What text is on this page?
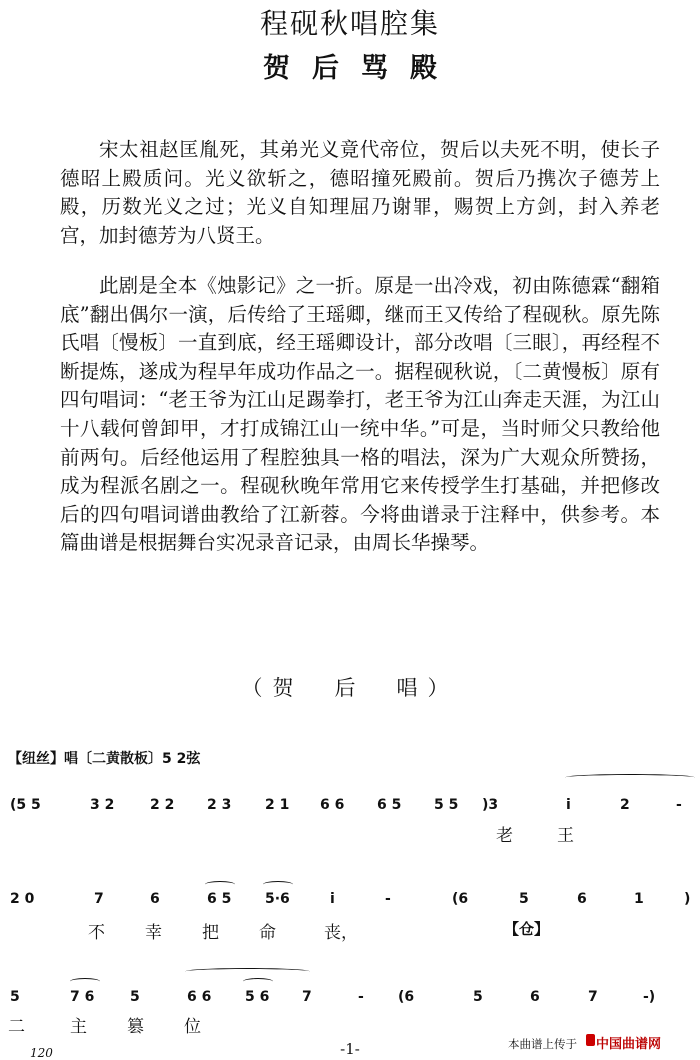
程砚秋唱腔集
贺后骂殿
宋太祖赵匡胤死，其弟光义竟代帝位，贺后以夫死不明，使长子德昭上殿质问。光义欲斩之，德昭撞死殿前。贺后乃携次子德芳上殿，历数光义之过；光义自知理屈乃谢罪，赐贺上方剑，封入养老宫，加封德芳为八贤王。
此剧是全本《烛影记》之一折。原是一出冷戏，初由陈德霖“翻箱底”翻出偶尔一演，后传给了王瑶卿，继而王又传给了程砚秋。原先陈氏唱〔慢板〕一直到底，经王瑶卿设计，部分改唱〔三眼〕，再经程不断提炼，遂成为程早年成功作品之一。据程砚秋说，〔二黄慢板〕原有四句唱词：“老王爷为江山足踢拳打，老王爷为江山奔走天涯，为江山十八载何曾卸甲，才打成锦江山一统中华。”可是，当时师父只教给他前两句。后经他运用了程腔独具一格的唱法，深为广大观众所赞扬，成为程派名剧之一。程砚秋晚年常用它来传授学生打基础，并把修改后的四句唱词谱曲教给了江新蓉。今将曲谱录于注释中，供参考。本篇曲谱是根据舞台实况录音记录，由周长华操琴。
（贺　后　唱）
【纽丝】唱〔二黄散板〕5 2弦
(5 5	3 2	2 2 2 3 2 1 6 6 6 5 5 5 )3	i	2	-
老	王
2 0	7	6	6 5 5·6	i	-	(6	5	6	1	)
不 幸 把 命	丧，	【仓】
5	7 6	5	6 6 5 6 7	- (6	5	6	7	-)
二	主 篡 位
-1-	本曲谱上传于 中国曲谱网
120
